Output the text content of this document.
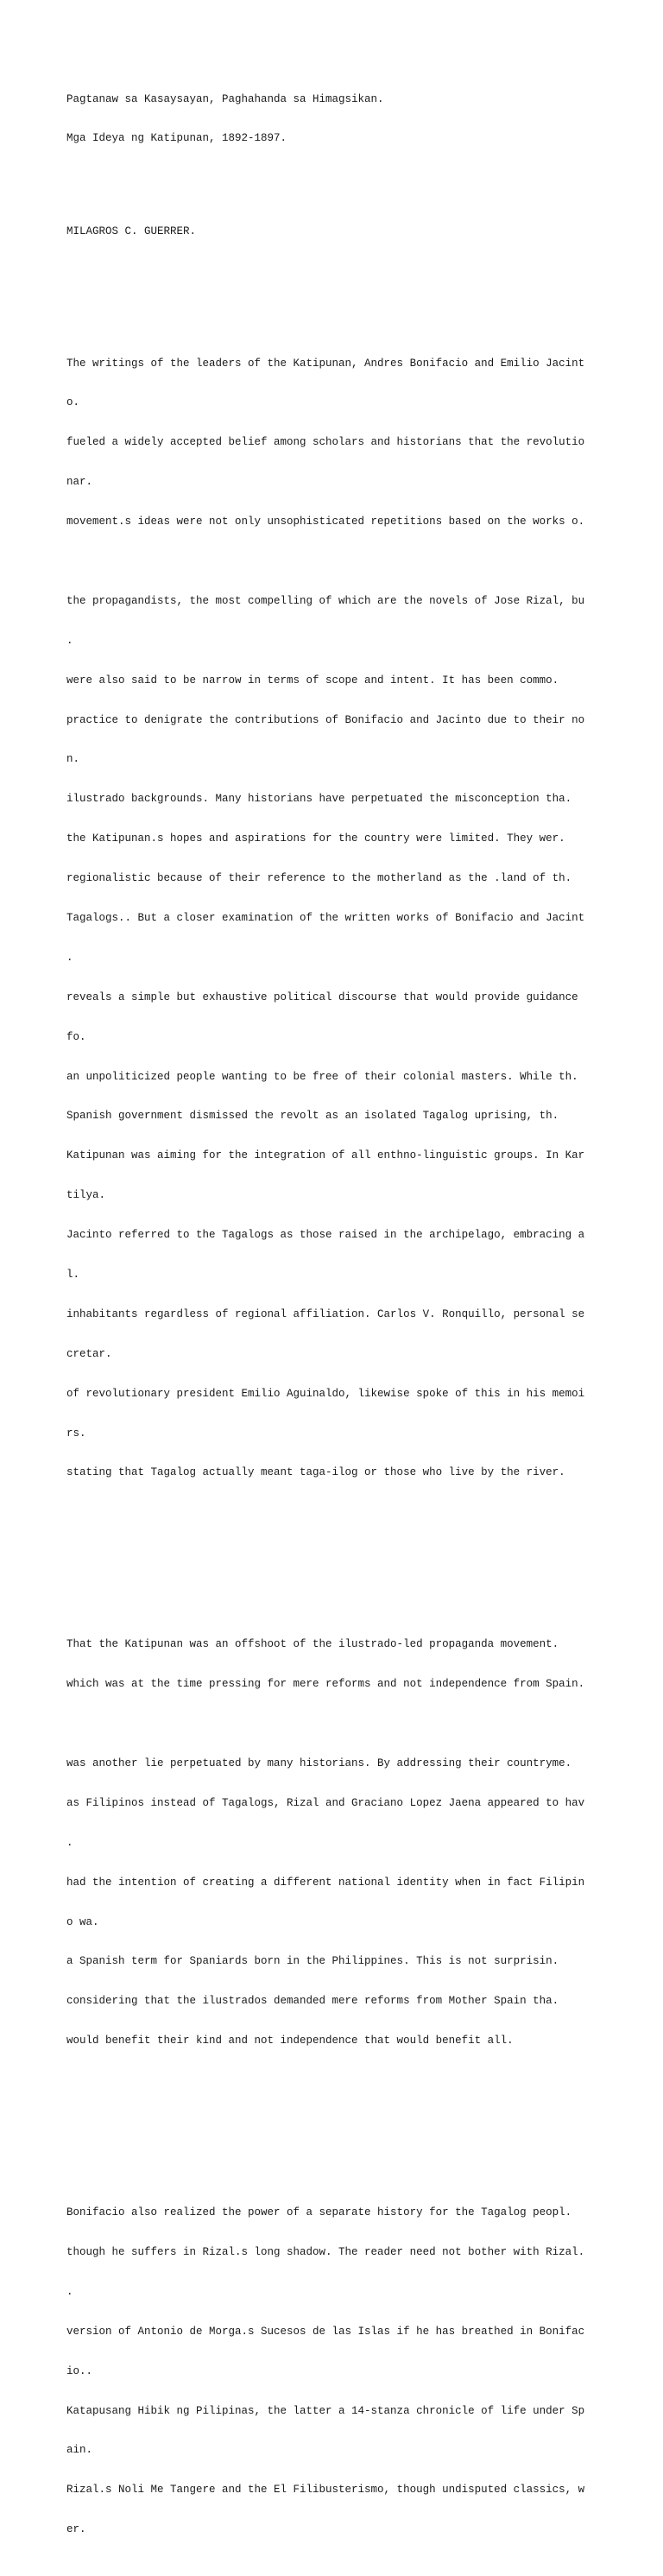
Pagtanaw sa Kasaysayan, Paghahanda sa Himagsikan.

Mga Ideya ng Katipunan, 1892-1897.

MILAGROS C. GUERRER.

The writings of the leaders of the Katipunan, Andres Bonifacio and Emilio Jacint

o.

fueled a widely accepted belief among scholars and historians that the revolutio

nar.

movement.s ideas were not only unsophisticated repetitions based on the works o.

the propagandists, the most compelling of which are the novels of Jose Rizal, bu

.

were also said to be narrow in terms of scope and intent. It has been commo.

practice to denigrate the contributions of Bonifacio and Jacinto due to their no

n.

ilustrado backgrounds. Many historians have perpetuated the misconception tha.

the Katipunan.s hopes and aspirations for the country were limited. They wer.

regionalistic because of their reference to the motherland as the .land of th.

Tagalogs.. But a closer examination of the written works of Bonifacio and Jacint

.

reveals a simple but exhaustive political discourse that would provide guidance

fo.

an unpoliticized people wanting to be free of their colonial masters. While th.

Spanish government dismissed the revolt as an isolated Tagalog uprising, th.

Katipunan was aiming for the integration of all enthno-linguistic groups. In Kar

tilya.

Jacinto referred to the Tagalogs as those raised in the archipelago, embracing a

l.

inhabitants regardless of regional affiliation. Carlos V. Ronquillo, personal se

cretar.

of revolutionary president Emilio Aguinaldo, likewise spoke of this in his memoi

rs.

stating that Tagalog actually meant taga-ilog or those who live by the river.

That the Katipunan was an offshoot of the ilustrado-led propaganda movement.

which was at the time pressing for mere reforms and not independence from Spain.

was another lie perpetuated by many historians. By addressing their countryme.

as Filipinos instead of Tagalogs, Rizal and Graciano Lopez Jaena appeared to hav

.

had the intention of creating a different national identity when in fact Filipin

o wa.

a Spanish term for Spaniards born in the Philippines. This is not surprisin.

considering that the ilustrados demanded mere reforms from Mother Spain tha.

would benefit their kind and not independence that would benefit all.

Bonifacio also realized the power of a separate history for the Tagalog peopl.

though he suffers in Rizal.s long shadow. The reader need not bother with Rizal.

.

version of Antonio de Morga.s Sucesos de las Islas if he has breathed in Bonifac

io..

Katapusang Hibik ng Pilipinas, the latter a 14-stanza chronicle of life under Sp

ain.

Rizal.s Noli Me Tangere and the El Filibusterismo, though undisputed classics, w

er.
